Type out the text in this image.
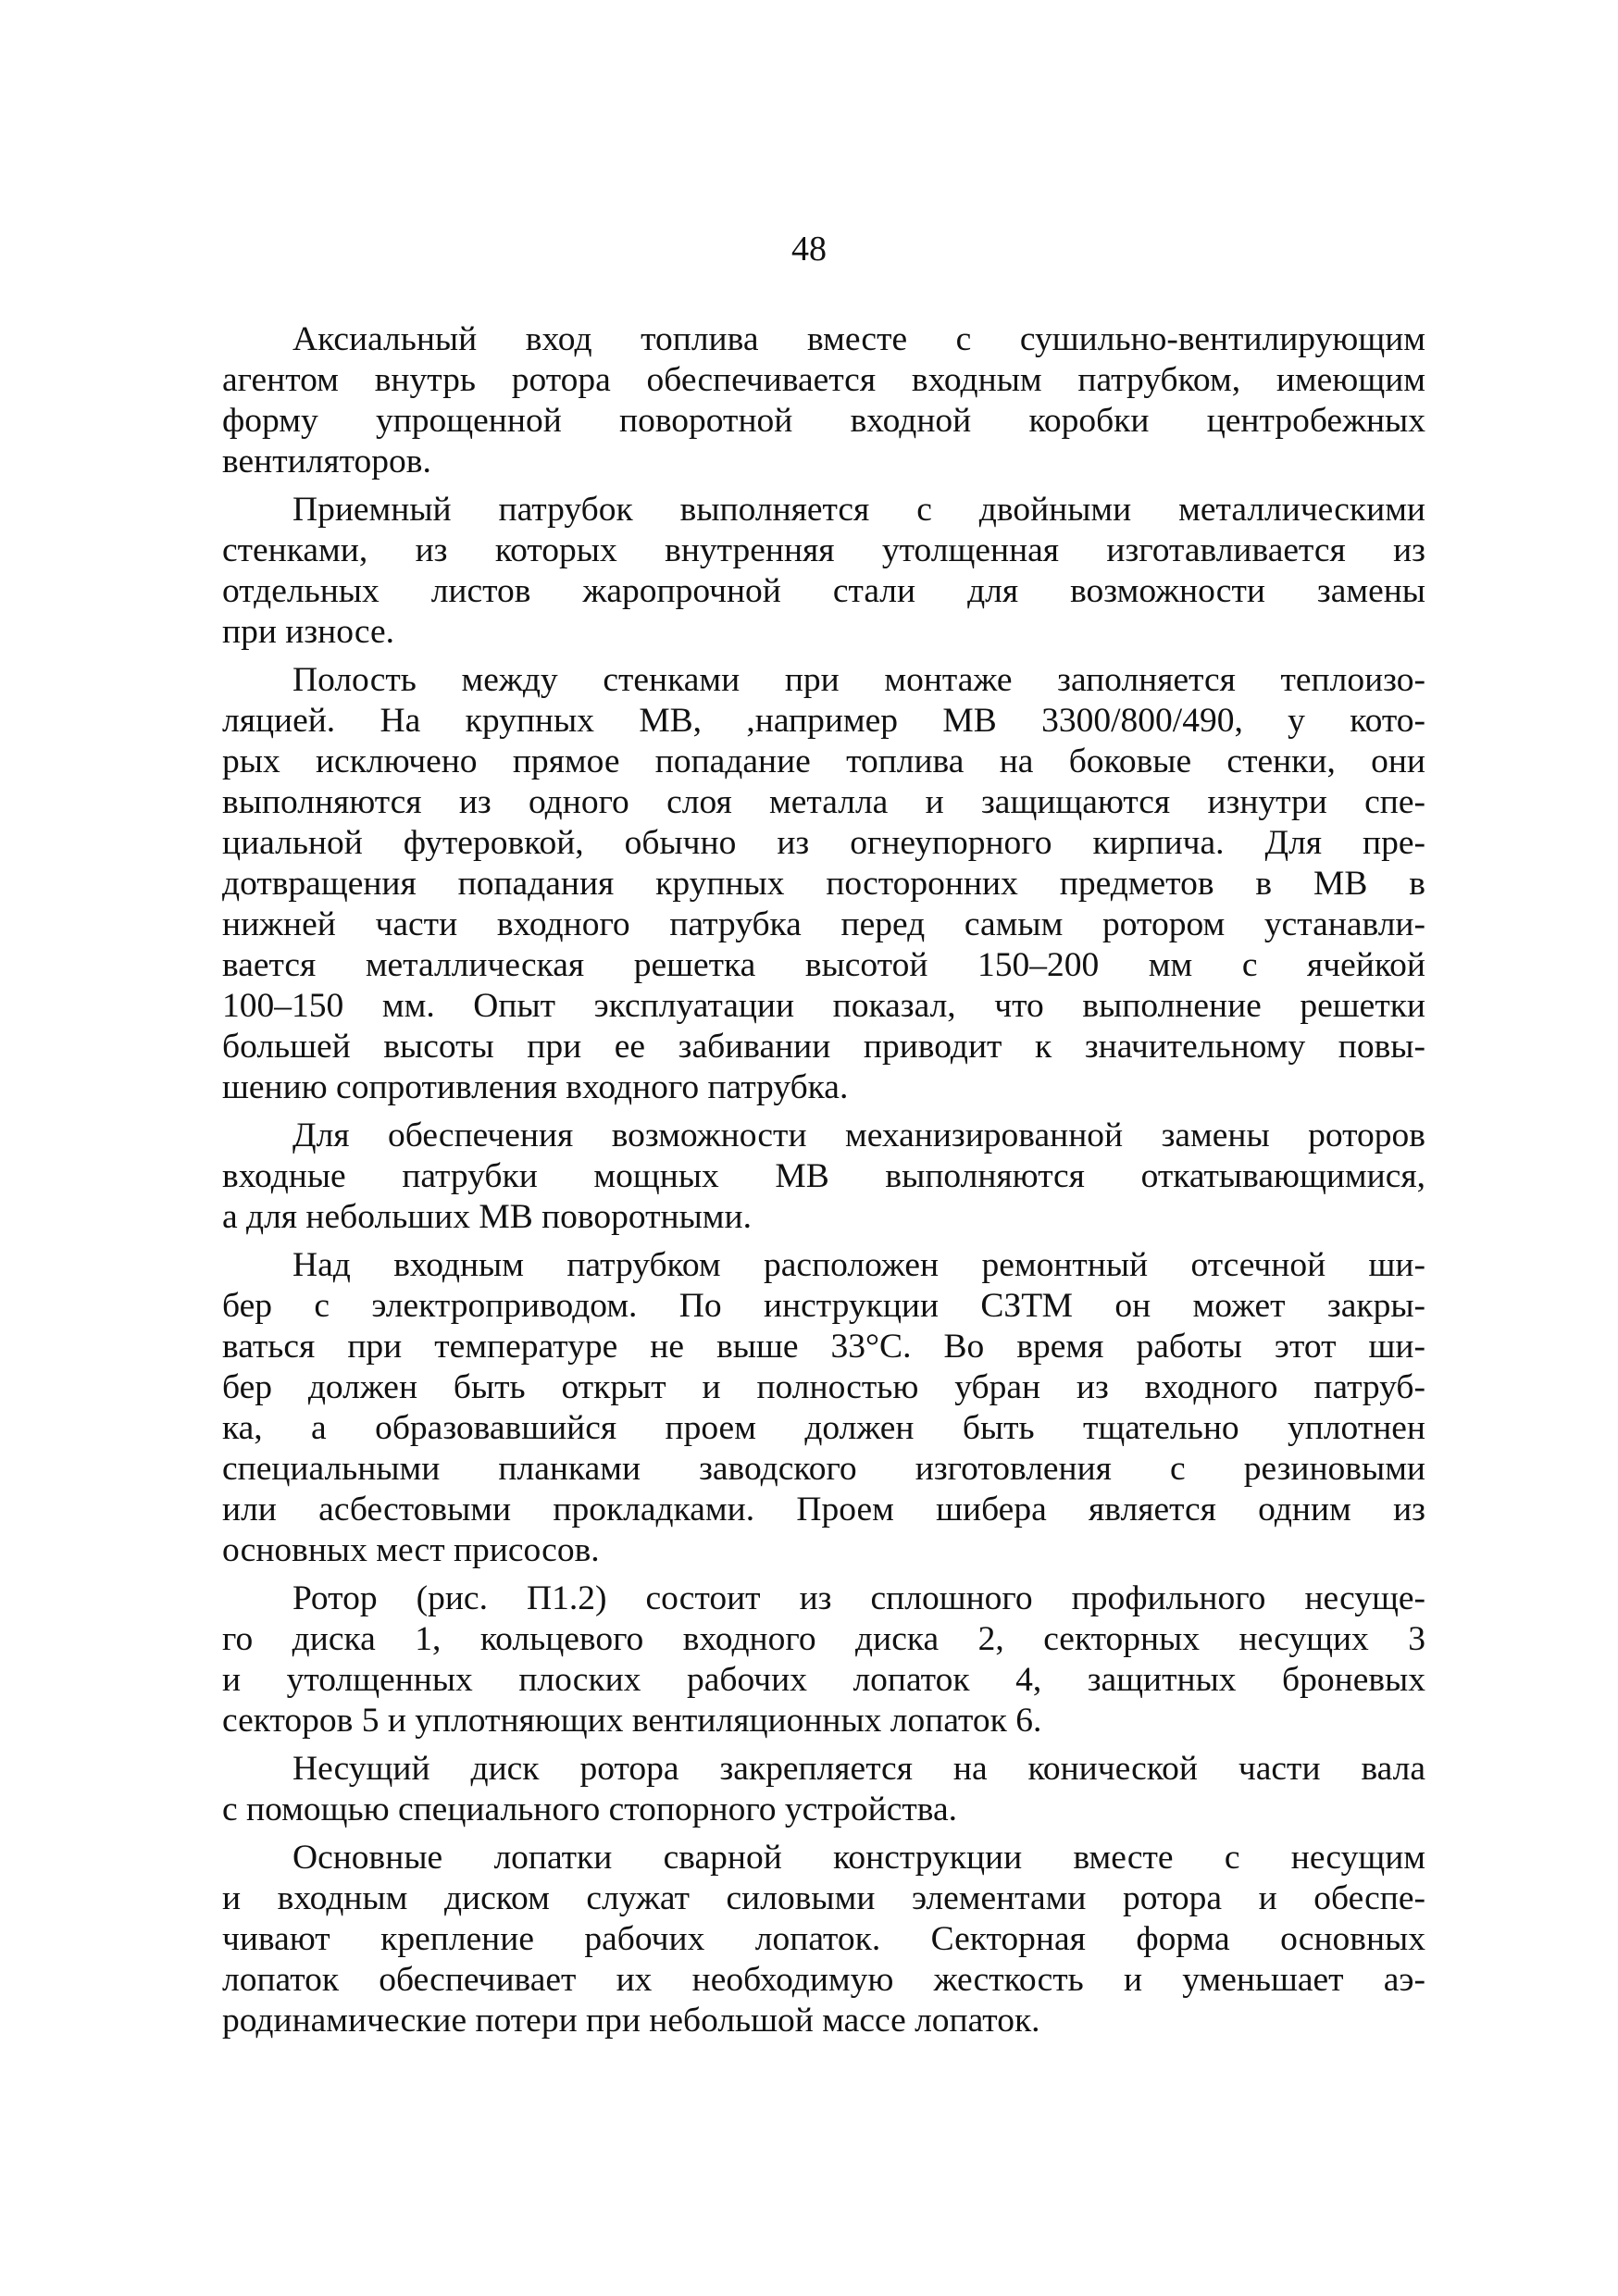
48
Аксиальный вход топлива вместе с сушильно-вентилирующим
агентом внутрь ротора обеспечивается входным патрубком, имеющим
форму упрощенной поворотной входной коробки центробежных
вентиляторов.
Приемный патрубок выполняется с двойными металлическими
стенками, из которых внутренняя утолщенная изготавливается из
отдельных листов жаропрочной стали для возможности замены
при износе.
Полость между стенками при монтаже заполняется теплоизо-
ляцией. На крупных МВ, ,например МВ 3300/800/490, у кото-
рых исключено прямое попадание топлива на боковые стенки, они
выполняются из одного слоя металла и защищаются изнутри спе-
циальной футеровкой, обычно из огнеупорного кирпича. Для пре-
дотвращения попадания крупных посторонних предметов в МВ в
нижней части входного патрубка перед самым ротором устанавли-
вается металлическая решетка высотой 150–200 мм с ячейкой
100–150 мм. Опыт эксплуатации показал, что выполнение решетки
большей высоты при ее забивании приводит к значительному повы-
шению сопротивления входного патрубка.
Для обеспечения возможности механизированной замены роторов
входные патрубки мощных МВ выполняются откатывающимися,
а для небольших МВ поворотными.
Над входным патрубком расположен ремонтный отсечной ши-
бер с электроприводом. По инструкции СЗТМ он может закры-
ваться при температуре не выше 33°С. Во время работы этот ши-
бер должен быть открыт и полностью убран из входного патруб-
ка, а образовавшийся проем должен быть тщательно уплотнен
специальными планками заводского изготовления с резиновыми
или асбестовыми прокладками. Проем шибера является одним из
основных мест присосов.
Ротор (рис. П1.2) состоит из сплошного профильного несуще-
го диска 1, кольцевого входного диска 2, секторных несущих 3
и утолщенных плоских рабочих лопаток 4, защитных броневых
секторов 5 и уплотняющих вентиляционных лопаток 6.
Несущий диск ротора закрепляется на конической части вала
с помощью специального стопорного устройства.
Основные лопатки сварной конструкции вместе с несущим
и входным диском служат силовыми элементами ротора и обеспе-
чивают крепление рабочих лопаток. Секторная форма основных
лопаток обеспечивает их необходимую жесткость и уменьшает аэ-
родинамические потери при небольшой массе лопаток.
